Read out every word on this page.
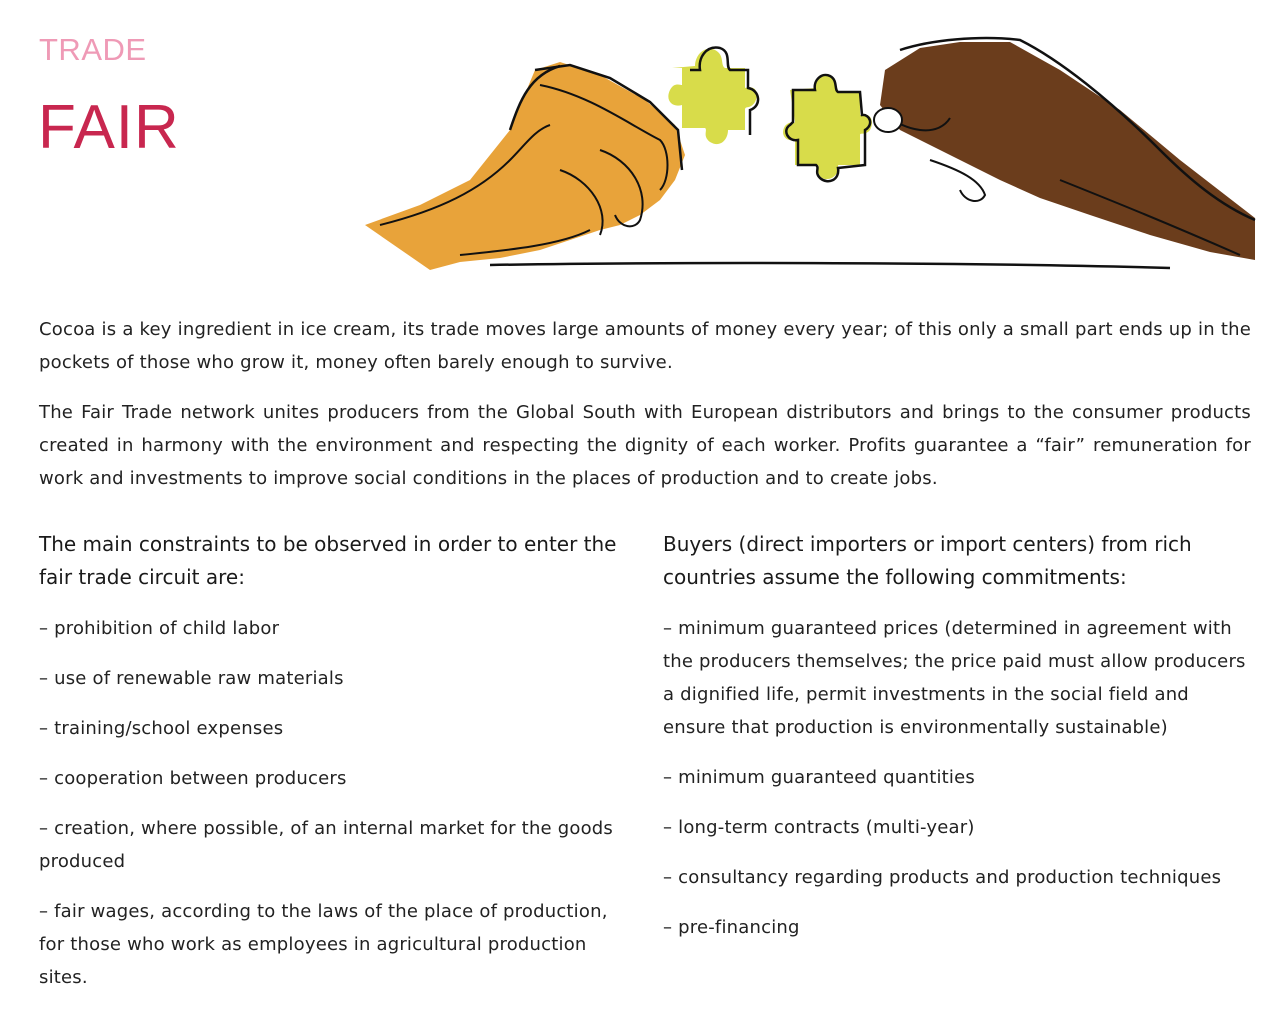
TRADE
FAIR

Cocoa is a key ingredient in ice cream, its trade moves large amounts of money every year; of this only a small part ends up in the pockets of those who grow it, money often barely enough to survive.

The Fair Trade network unites producers from the Global South with European distributors and brings to the consumer products created in harmony with the environment and respecting the dignity of each worker. Profits guarantee a “fair” remuneration for work and investments to improve social conditions in the places of production and to create jobs.

The main constraints to be observed in order to enter the fair trade circuit are:
– prohibition of child labor
– use of renewable raw materials
– training/school expenses
– cooperation between producers
– creation, where possible, of an internal market for the goods produced
– fair wages, according to the laws of the place of production, for those who work as employees in agricultural production sites.
Buyers (direct importers or import centers) from rich countries assume the following commitments:
– minimum guaranteed prices (determined in agreement with the producers themselves; the price paid must allow producers a dignified life, permit investments in the social field and ensure that production is environmentally sustainable)
– minimum guaranteed quantities
– long-term contracts (multi-year)
– consultancy regarding products and production techniques
– pre-financing
